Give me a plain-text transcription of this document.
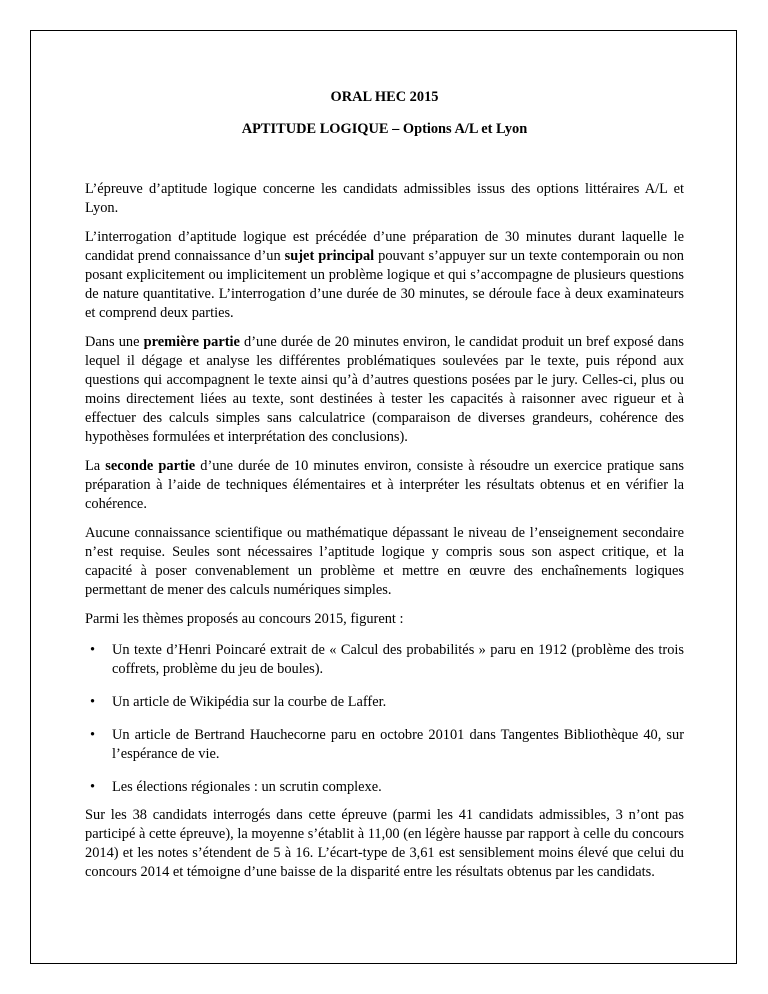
ORAL HEC 2015

APTITUDE LOGIQUE – Options A/L et Lyon

L’épreuve d’aptitude logique concerne les candidats admissibles issus des options littéraires A/L et Lyon.

L’interrogation d’aptitude logique est précédée d’une préparation de 30 minutes durant laquelle le candidat prend connaissance d’un sujet principal pouvant s’appuyer sur un texte contemporain ou non posant explicitement ou implicitement un problème logique et qui s’accompagne de plusieurs questions de nature quantitative. L’interrogation d’une durée de 30 minutes, se déroule face à deux examinateurs et comprend deux parties.

Dans une première partie d’une durée de 20 minutes environ, le candidat produit un bref exposé dans lequel il dégage et analyse les différentes problématiques soulevées par le texte, puis répond aux questions qui accompagnent le texte ainsi qu’à d’autres questions posées par le jury. Celles-ci, plus ou moins directement liées au texte, sont destinées à tester les capacités à raisonner avec rigueur et à effectuer des calculs simples sans calculatrice (comparaison de diverses grandeurs, cohérence des hypothèses formulées et interprétation des conclusions).

La seconde partie d’une durée de 10 minutes environ, consiste à résoudre un exercice pratique sans préparation à l’aide de techniques élémentaires et à interpréter les résultats obtenus et en vérifier la cohérence.

Aucune connaissance scientifique ou mathématique dépassant le niveau de l’enseignement secondaire n’est requise. Seules sont nécessaires l’aptitude logique y compris sous son aspect critique, et la capacité à poser convenablement un problème et mettre en œuvre des enchaînements logiques permettant de mener des calculs numériques simples.

Parmi les thèmes proposés au concours 2015, figurent :

• Un texte d’Henri Poincaré extrait de « Calcul des probabilités » paru en 1912 (problème des trois coffrets, problème du jeu de boules).
• Un article de Wikipédia sur la courbe de Laffer.
• Un article de Bertrand Hauchecorne paru en octobre 20101 dans Tangentes Bibliothèque 40, sur l’espérance de vie.
• Les élections régionales : un scrutin complexe.

Sur les 38 candidats interrogés dans cette épreuve (parmi les 41 candidats admissibles, 3 n’ont pas participé à cette épreuve), la moyenne s’établit à 11,00 (en légère hausse par rapport à celle du concours 2014) et les notes s’étendent de 5 à 16. L’écart-type de 3,61 est sensiblement moins élevé que celui du concours 2014 et témoigne d’une baisse de la disparité entre les résultats obtenus par les candidats.
